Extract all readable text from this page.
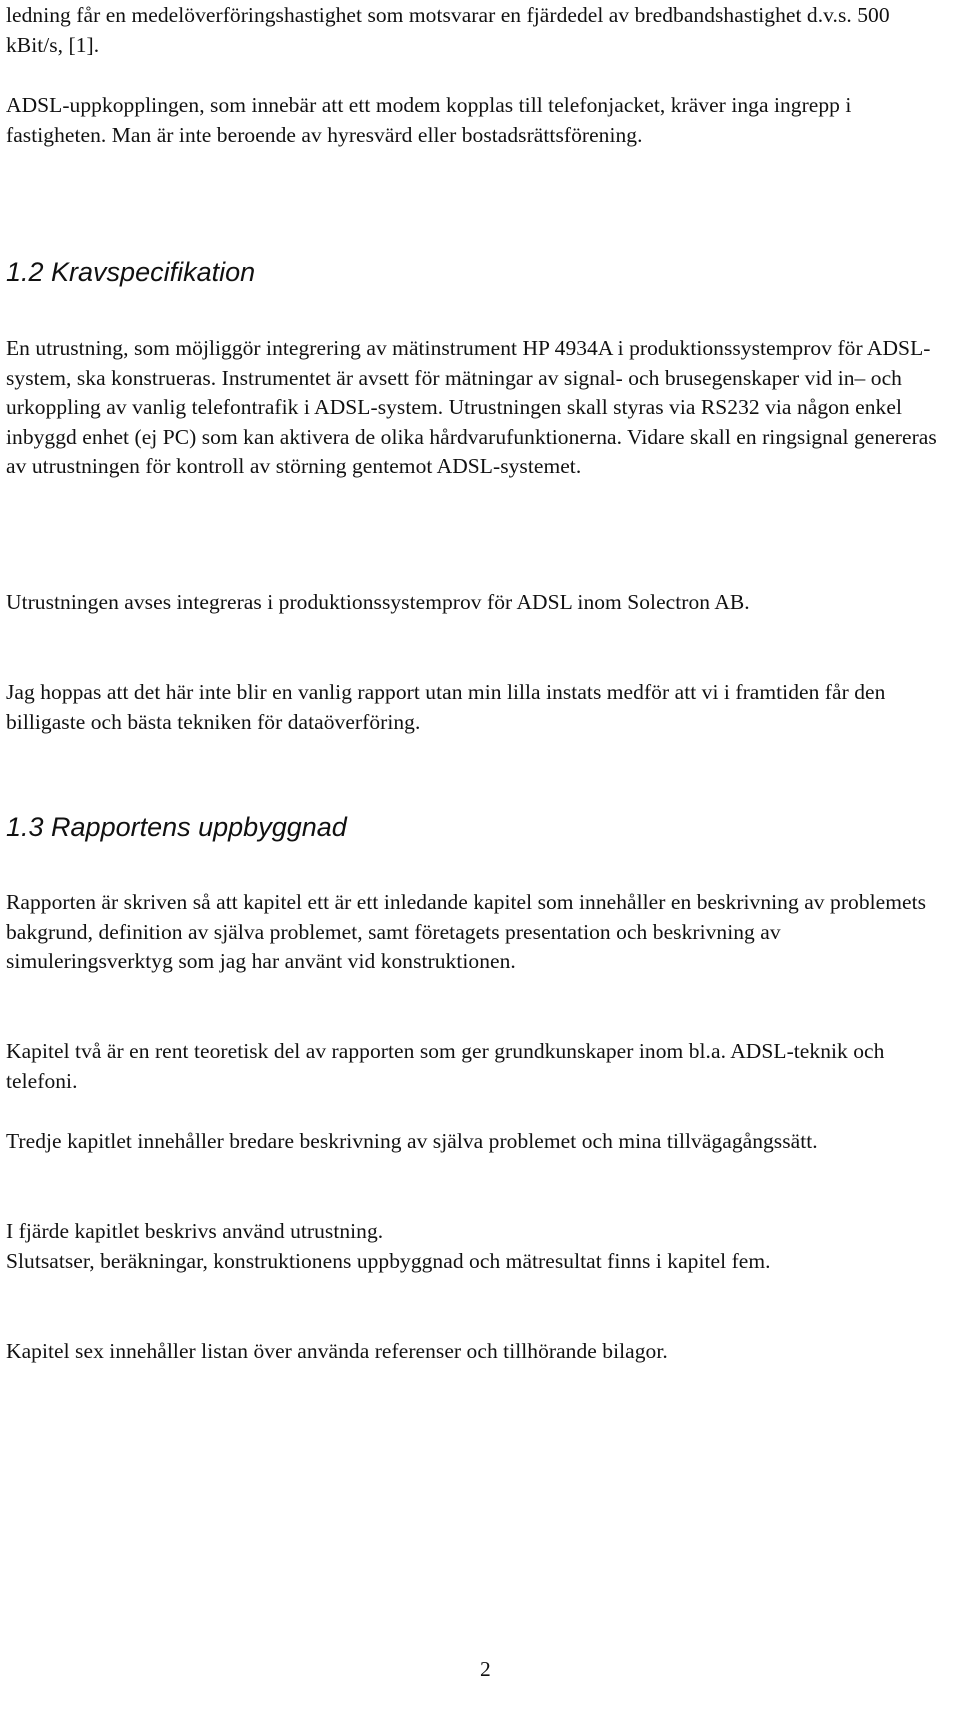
ledning får en medelöverföringshastighet som motsvarar en fjärdedel av bredbandshastighet d.v.s. 500 kBit/s, [1].

ADSL-uppkopplingen, som innebär att ett modem kopplas till telefonjacket, kräver inga ingrepp i fastigheten. Man är inte beroende av hyresvärd eller bostadsrättsförening.

1.2 Kravspecifikation

En utrustning, som möjliggör integrering av mätinstrument HP 4934A i produktionssystemprov för ADSL-system, ska konstrueras. Instrumentet är avsett för mätningar av signal- och brusegenskaper vid in– och urkoppling av vanlig telefontrafik i ADSL-system. Utrustningen skall styras via RS232 via någon enkel inbyggd enhet (ej PC) som kan aktivera de olika hårdvarufunktionerna. Vidare skall en ringsignal genereras av utrustningen för kontroll av störning gentemot ADSL-systemet.

Utrustningen avses integreras i produktionssystemprov för ADSL inom Solectron AB.

Jag hoppas att det här inte blir en vanlig rapport utan min lilla instats medför att vi i framtiden får den billigaste och bästa tekniken för dataöverföring.

1.3 Rapportens uppbyggnad

Rapporten är skriven så att kapitel ett är ett inledande kapitel som innehåller en beskrivning av problemets bakgrund, definition av själva problemet, samt företagets presentation och beskrivning av simuleringsverktyg som jag har använt vid konstruktionen.

Kapitel två är en rent teoretisk del av rapporten som ger grundkunskaper inom bl.a. ADSL-teknik och telefoni.

Tredje kapitlet innehåller bredare beskrivning av själva problemet och mina tillvägagångssätt.

I fjärde kapitlet beskrivs använd utrustning.

Slutsatser, beräkningar, konstruktionens uppbyggnad och mätresultat finns i kapitel fem.

Kapitel sex innehåller listan över använda referenser och tillhörande bilagor.

2
